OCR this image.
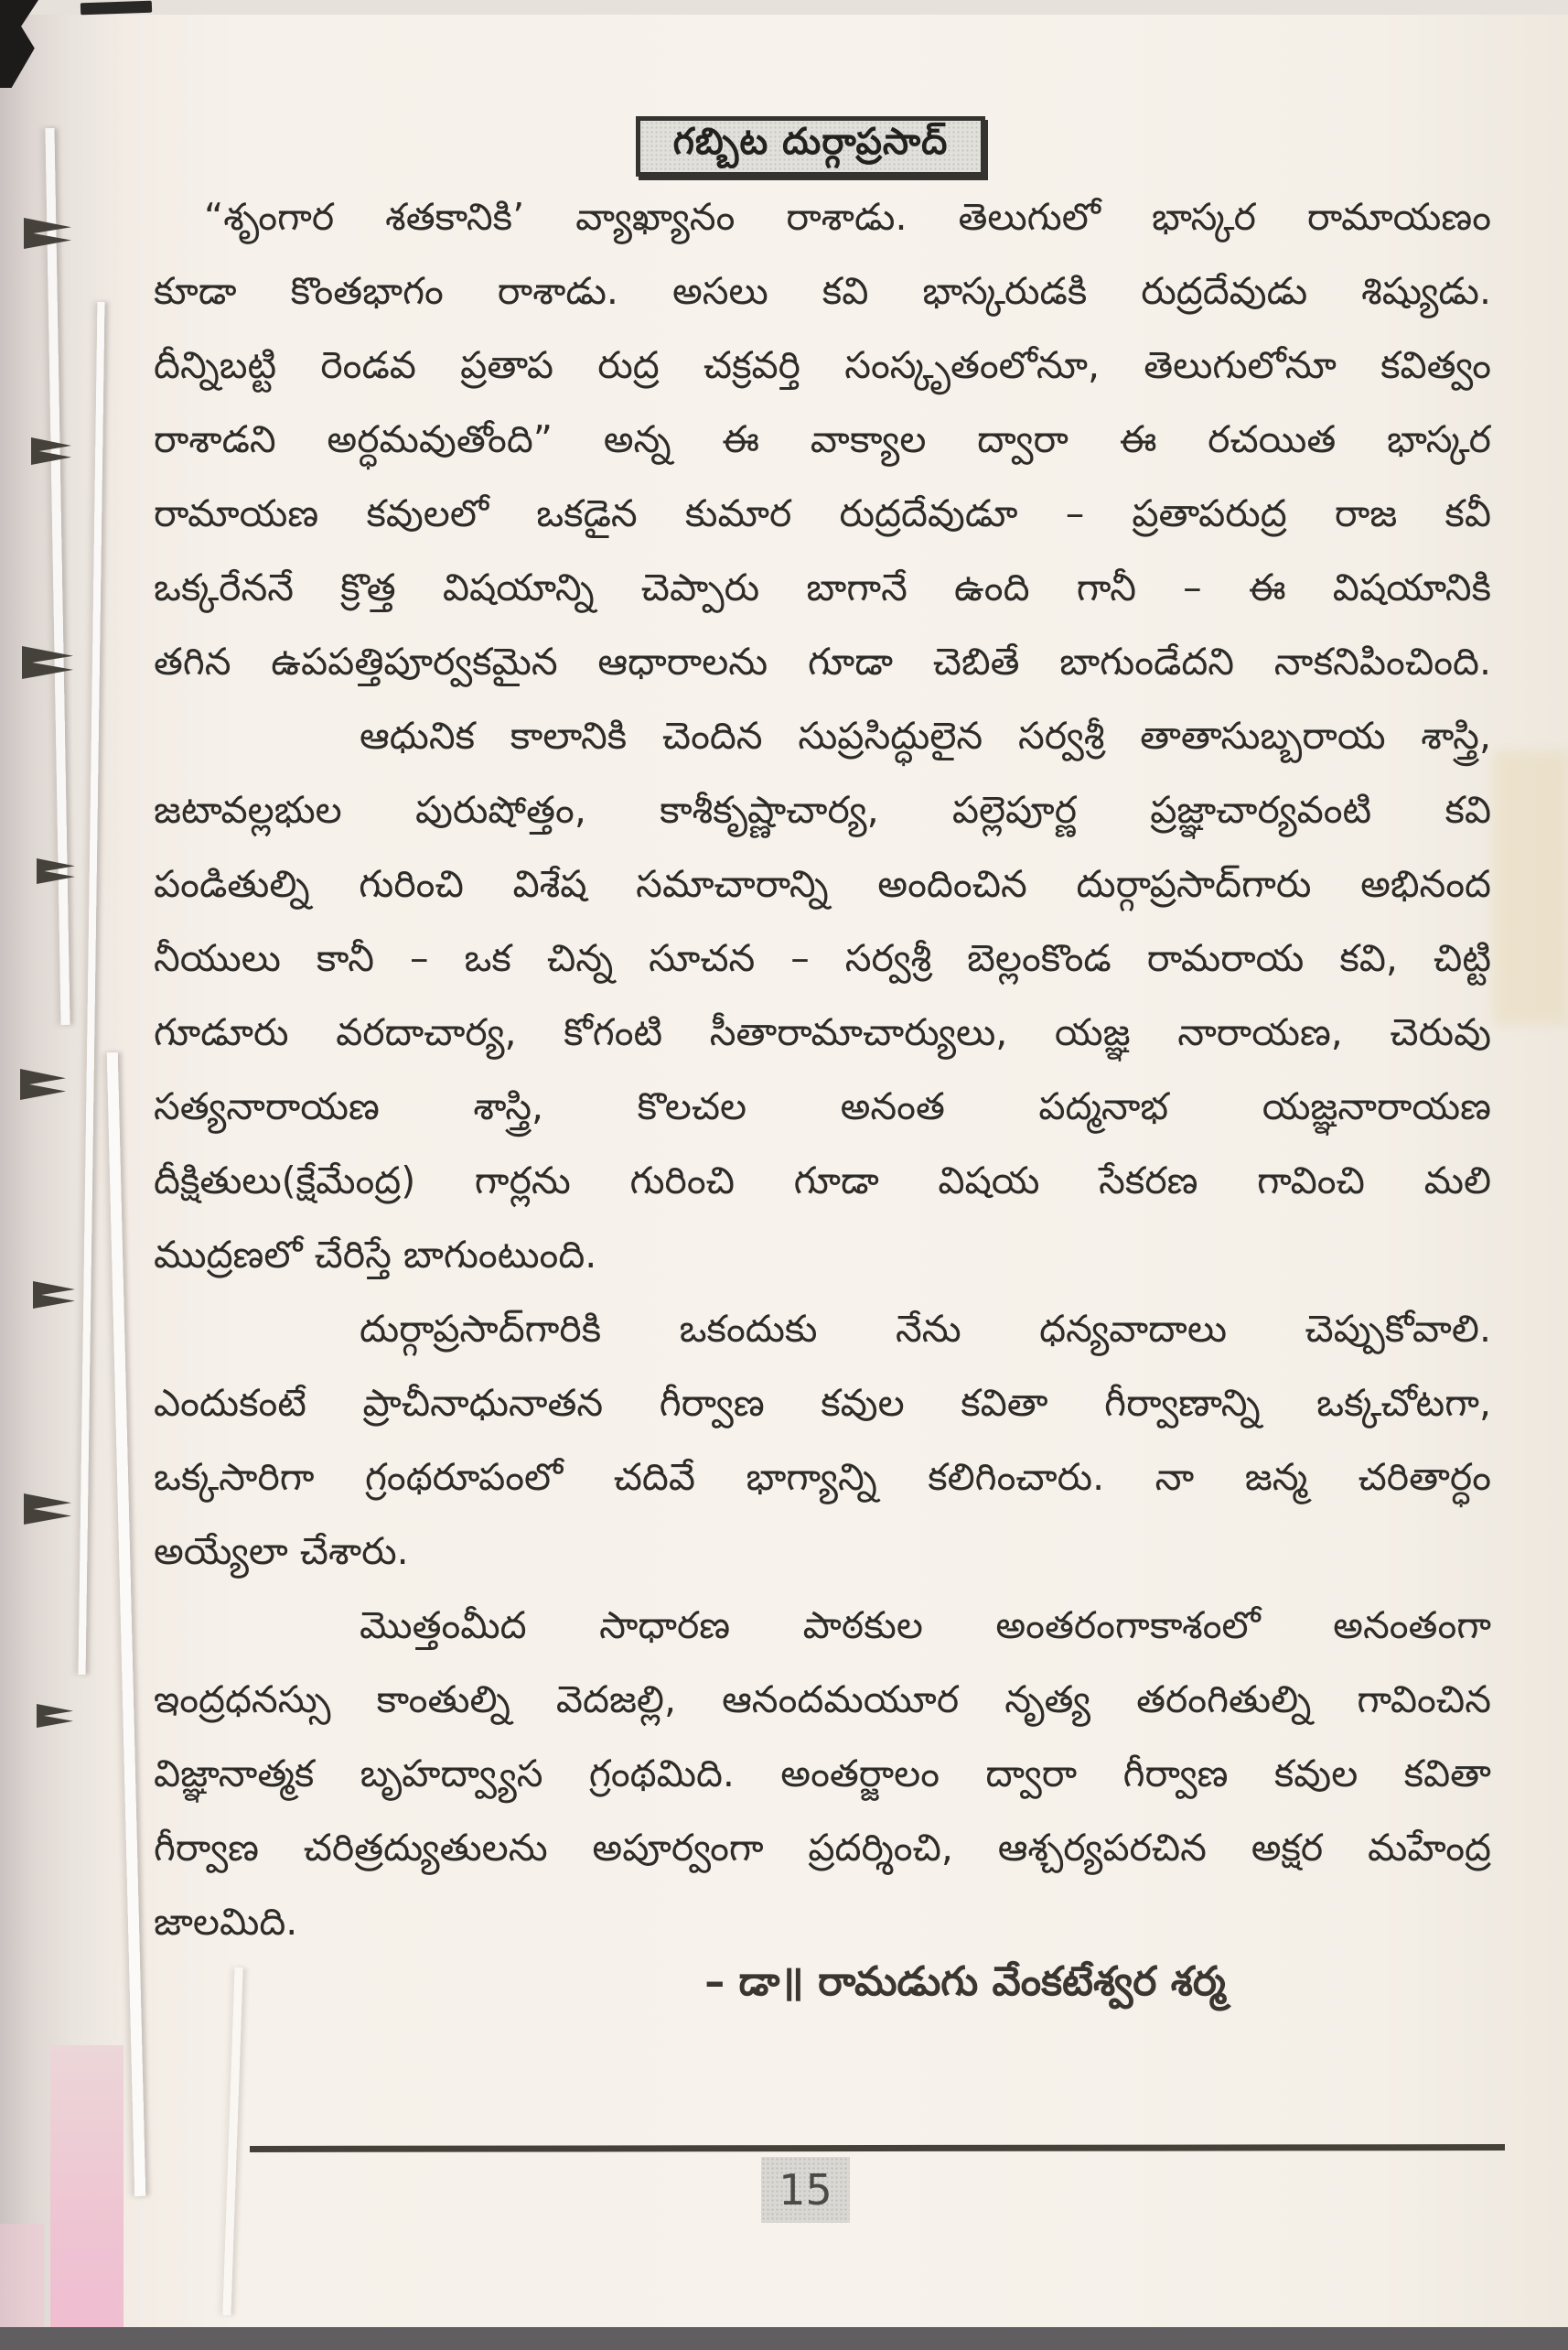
గబ్బిట దుర్గాప్రసాద్
“శృంగార శతకానికి’ వ్యాఖ్యానం రాశాడు. తెలుగులో భాస్కర రామాయణం
కూడా కొంతభాగం రాశాడు. అసలు కవి భాస్కరుడకి రుద్రదేవుడు శిష్యుడు.
దీన్నిబట్టి రెండవ ప్రతాప రుద్ర చక్రవర్తి సంస్కృతంలోనూ, తెలుగులోనూ కవిత్వం
రాశాడని అర్ధమవుతోంది” అన్న ఈ వాక్యాల ద్వారా ఈ రచయిత భాస్కర
రామాయణ కవులలో ఒకడైన కుమార రుద్రదేవుడూ – ప్రతాపరుద్ర రాజ కవీ
ఒక్కరేననే క్రొత్త విషయాన్ని చెప్పారు బాగానే ఉంది గానీ – ఈ విషయానికి
తగిన ఉపపత్తిపూర్వకమైన ఆధారాలను గూడా చెబితే బాగుండేదని నాకనిపించింది.
ఆధునిక కాలానికి చెందిన సుప్రసిద్ధులైన సర్వశ్రీ తాతాసుబ్బరాయ శాస్త్రి,
జటావల్లభుల పురుషోత్తం, కాశీకృష్ణాచార్య, పల్లెపూర్ణ ప్రజ్ఞాచార్యవంటి కవి
పండితుల్ని గురించి విశేష సమాచారాన్ని అందించిన దుర్గాప్రసాద్‌గారు అభినంద
నీయులు కానీ – ఒక చిన్న సూచన – సర్వశ్రీ బెల్లంకొండ రామరాయ కవి, చిట్టి
గూడూరు వరదాచార్య, కోగంటి సీతారామాచార్యులు, యజ్ఞ నారాయణ, చెరువు
సత్యనారాయణ శాస్త్రి, కొలచల అనంత పద్మనాభ యజ్ఞనారాయణ
దీక్షితులు(క్షేమేంద్ర) గార్లను గురించి గూడా విషయ సేకరణ గావించి మలి
ముద్రణలో చేరిస్తే బాగుంటుంది.
దుర్గాప్రసాద్‌గారికి ఒకందుకు నేను ధన్యవాదాలు చెప్పుకోవాలి.
ఎందుకంటే ప్రాచీనాధునాతన గీర్వాణ కవుల కవితా గీర్వాణాన్ని ఒక్కచోటగా,
ఒక్కసారిగా గ్రంథరూపంలో చదివే భాగ్యాన్ని కలిగించారు. నా జన్మ చరితార్ధం
అయ్యేలా చేశారు.
మొత్తంమీద సాధారణ పాఠకుల అంతరంగాకాశంలో అనంతంగా
ఇంద్రధనస్సు కాంతుల్ని వెదజల్లి, ఆనందమయూర నృత్య తరంగితుల్ని గావించిన
విజ్ఞానాత్మక బృహద్వ్యాస గ్రంథమిది. అంతర్జాలం ద్వారా గీర్వాణ కవుల కవితా
గీర్వాణ చరిత్రద్యుతులను అపూర్వంగా ప్రదర్శించి, ఆశ్చర్యపరచిన అక్షర మహేంద్ర
జాలమిది.
– డా॥ రామడుగు వేంకటేశ్వర శర్మ
15
